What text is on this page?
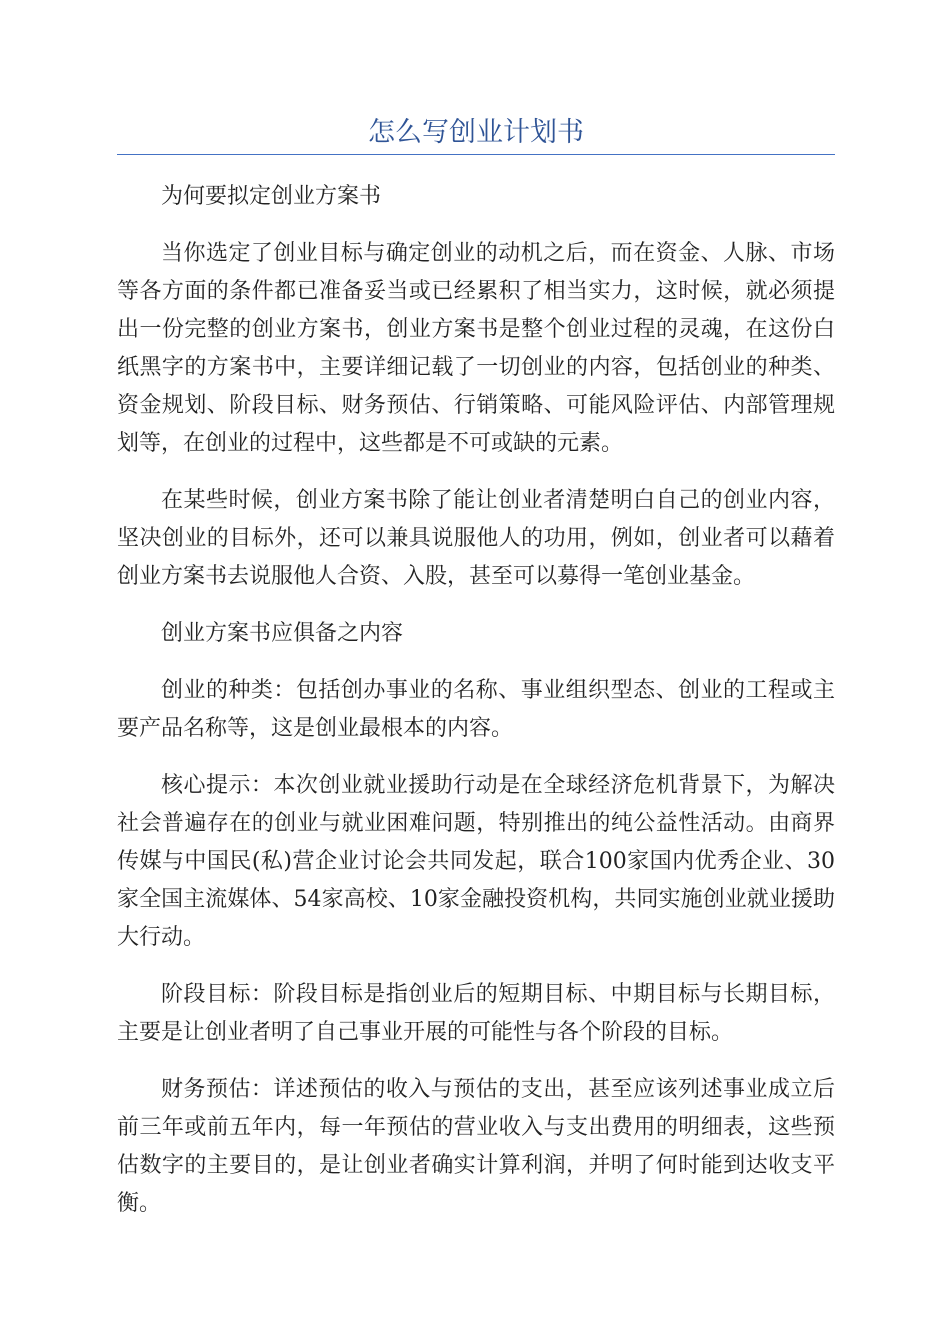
怎么写创业计划书

为何要拟定创业方案书

当你选定了创业目标与确定创业的动机之后，而在资金、人脉、市场等各方面的条件都已准备妥当或已经累积了相当实力，这时候，就必须提出一份完整的创业方案书，创业方案书是整个创业过程的灵魂，在这份白纸黑字的方案书中，主要详细记载了一切创业的内容，包括创业的种类、资金规划、阶段目标、财务预估、行销策略、可能风险评估、内部管理规划等，在创业的过程中，这些都是不可或缺的元素。

在某些时候，创业方案书除了能让创业者清楚明白自己的创业内容，坚决创业的目标外，还可以兼具说服他人的功用，例如，创业者可以藉着创业方案书去说服他人合资、入股，甚至可以募得一笔创业基金。

创业方案书应俱备之内容

创业的种类：包括创办事业的名称、事业组织型态、创业的工程或主要产品名称等，这是创业最根本的内容。

核心提示：本次创业就业援助行动是在全球经济危机背景下，为解决社会普遍存在的创业与就业困难问题，特别推出的纯公益性活动。由商界传媒与中国民(私)营企业讨论会共同发起，联合100家国内优秀企业、30家全国主流媒体、54家高校、10家金融投资机构，共同实施创业就业援助大行动。

阶段目标：阶段目标是指创业后的短期目标、中期目标与长期目标，主要是让创业者明了自己事业开展的可能性与各个阶段的目标。

财务预估：详述预估的收入与预估的支出，甚至应该列述事业成立后前三年或前五年内，每一年预估的营业收入与支出费用的明细表，这些预估数字的主要目的，是让创业者确实计算利润，并明了何时能到达收支平衡。
